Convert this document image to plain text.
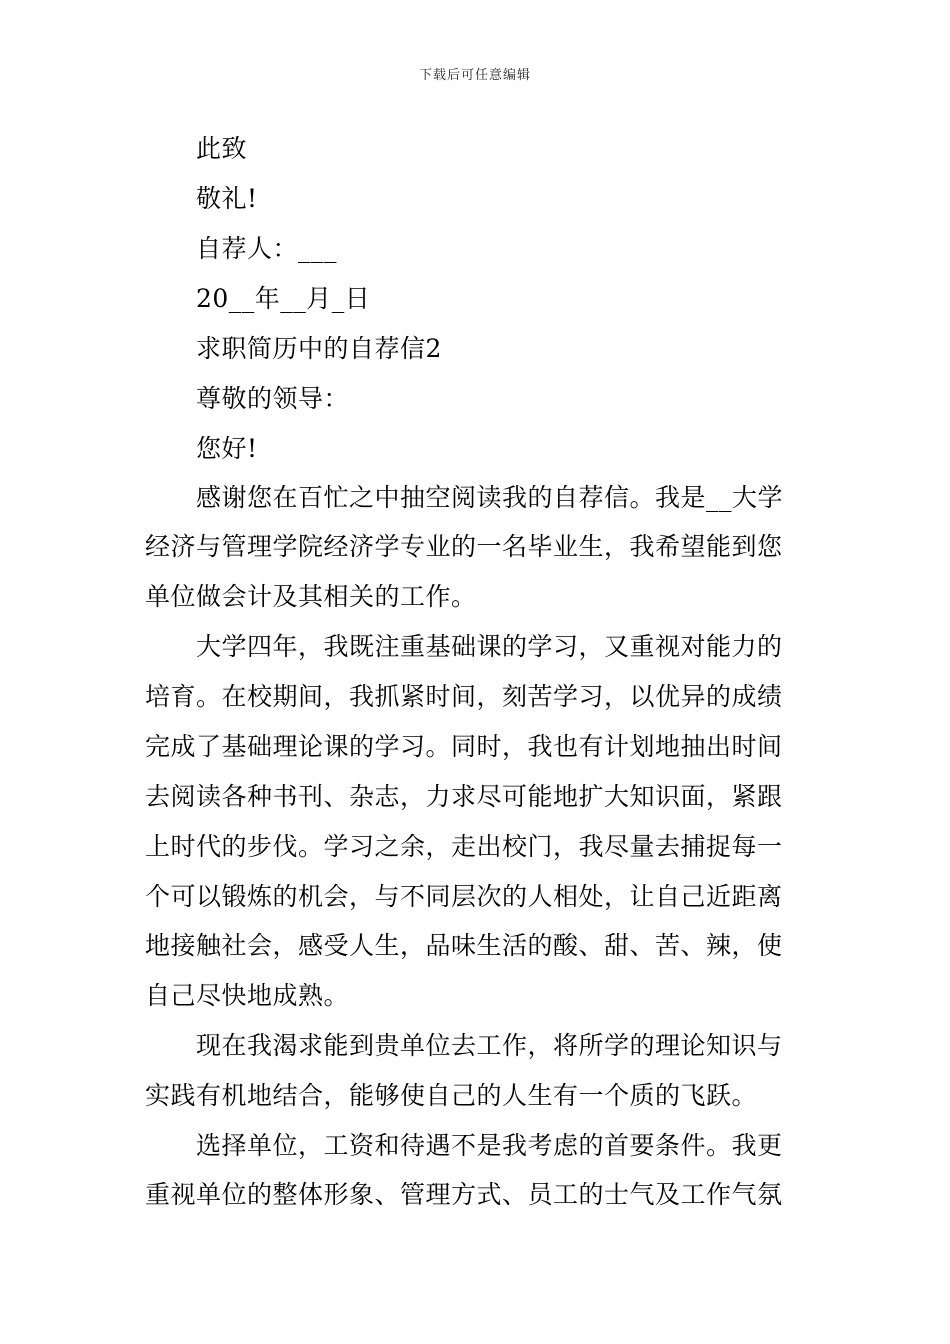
下载后可任意编辑
此致
敬礼!
自荐人：___
20__年__月_日
求职简历中的自荐信2
尊敬的领导：
您好!
感谢您在百忙之中抽空阅读我的自荐信。我是__大学
经济与管理学院经济学专业的一名毕业生，我希望能到您
单位做会计及其相关的工作。
大学四年，我既注重基础课的学习，又重视对能力的
培育。在校期间，我抓紧时间，刻苦学习，以优异的成绩
完成了基础理论课的学习。同时，我也有计划地抽出时间
去阅读各种书刊、杂志，力求尽可能地扩大知识面，紧跟
上时代的步伐。学习之余，走出校门，我尽量去捕捉每一
个可以锻炼的机会，与不同层次的人相处，让自己近距离
地接触社会，感受人生，品味生活的酸、甜、苦、辣，使
自己尽快地成熟。
现在我渴求能到贵单位去工作，将所学的理论知识与
实践有机地结合，能够使自己的人生有一个质的飞跃。
选择单位，工资和待遇不是我考虑的首要条件。我更
重视单位的整体形象、管理方式、员工的士气及工作气氛
